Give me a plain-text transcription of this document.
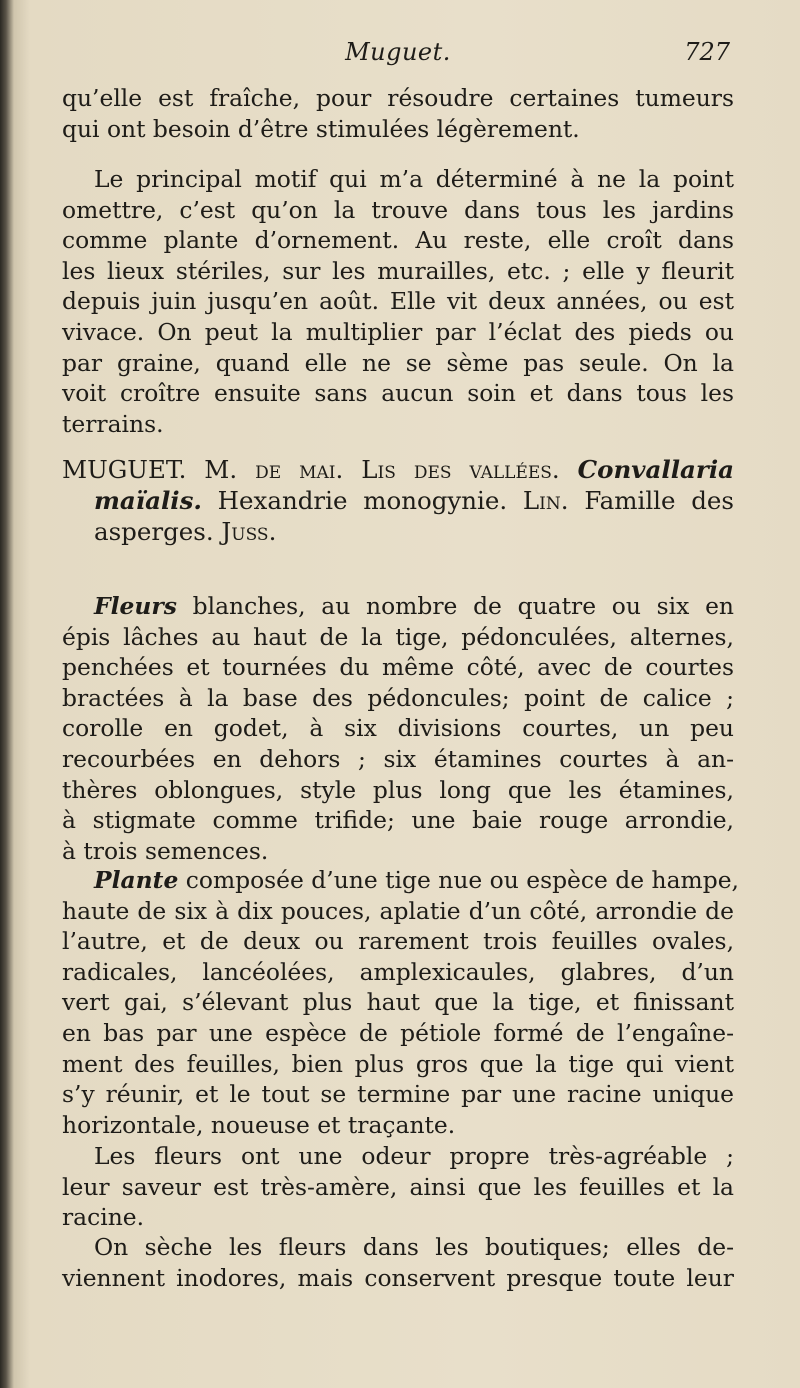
Muguet.	727
qu’elle est fraîche, pour résoudre certaines tumeurs
qui ont besoin d’être stimulées légèrement.
Le principal motif qui m’a déterminé à ne la point
omettre, c’est qu’on la trouve dans tous les jardins
comme plante d’ornement. Au reste, elle croît dans
les lieux stériles, sur les murailles, etc. ; elle y fleurit
depuis juin jusqu’en août. Elle vit deux années, ou est
vivace. On peut la multiplier par l’éclat des pieds ou
par graine, quand elle ne se sème pas seule. On la
voit croître ensuite sans aucun soin et dans tous les
terrains.
MUGUET. M. de mai. Lis des vallées. Convallaria
maïalis. Hexandrie monogynie. Lin. Famille des
asperges. Juss.
Fleurs blanches, au nombre de quatre ou six en
épis lâches au haut de la tige, pédonculées, alternes,
penchées et tournées du même côté, avec de courtes
bractées à la base des pédoncules; point de calice ;
corolle en godet, à six divisions courtes, un peu
recourbées en dehors ; six étamines courtes à an-
thères oblongues, style plus long que les étamines,
à stigmate comme trifide; une baie rouge arrondie,
à trois semences.
Plante composée d’une tige nue ou espèce de hampe,
haute de six à dix pouces, aplatie d’un côté, arrondie de
l’autre, et de deux ou rarement trois feuilles ovales,
radicales, lancéolées, amplexicaules, glabres, d’un
vert gai, s’élevant plus haut que la tige, et finissant
en bas par une espèce de pétiole formé de l’engaîne-
ment des feuilles, bien plus gros que la tige qui vient
s’y réunir, et le tout se termine par une racine unique
horizontale, noueuse et traçante.
Les fleurs ont une odeur propre très-agréable ;
leur saveur est très-amère, ainsi que les feuilles et la
racine.
On sèche les fleurs dans les boutiques; elles de-
viennent inodores, mais conservent presque toute leur
